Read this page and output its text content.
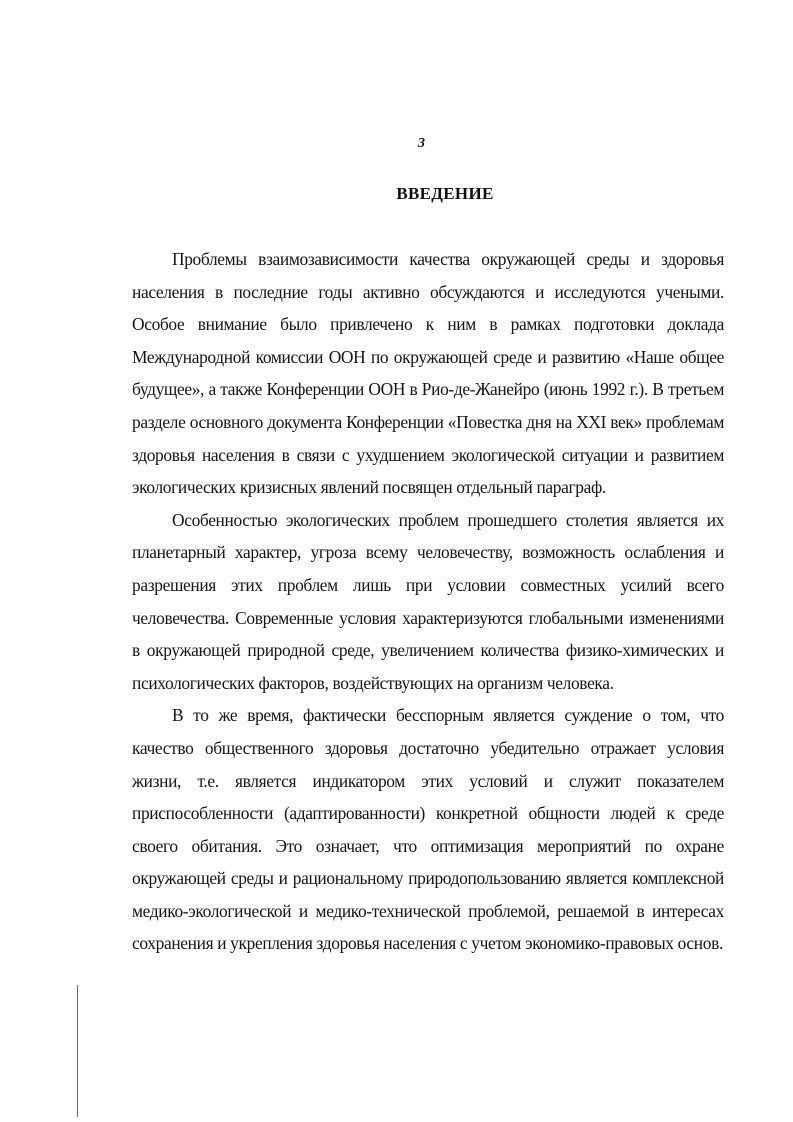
3
ВВЕДЕНИЕ

Проблемы взаимозависимости качества окружающей среды и здоровья населения в последние годы активно обсуждаются и исследуются учеными. Особое внимание было привлечено к ним в рамках подготовки доклада Международной комиссии ООН по окружающей среде и развитию «Наше общее будущее», а также Конференции ООН в Рио-де-Жанейро (июнь 1992 г.). В третьем разделе основного документа Конференции «Повестка дня на XXI век» проблемам здоровья населения в связи с ухудшением экологической ситуации и развитием экологических кризисных явлений посвящен отдельный параграф.

Особенностью экологических проблем прошедшего столетия является их планетарный характер, угроза всему человечеству, возможность ослабления и разрешения этих проблем лишь при условии совместных усилий всего человечества. Современные условия характеризуются глобальными изменениями в окружающей природной среде, увеличением количества физико-химических и психологических факторов, воздействующих на организм человека.

В то же время, фактически бесспорным является суждение о том, что качество общественного здоровья достаточно убедительно отражает условия жизни, т.е. является индикатором этих условий и служит показателем приспособленности (адаптированности) конкретной общности людей к среде своего обитания. Это означает, что оптимизация мероприятий по охране окружающей среды и рациональному природопользованию является комплексной медико-экологической и медико-технической проблемой, решаемой в интересах сохранения и укрепления здоровья населения с учетом экономико-правовых основ.
